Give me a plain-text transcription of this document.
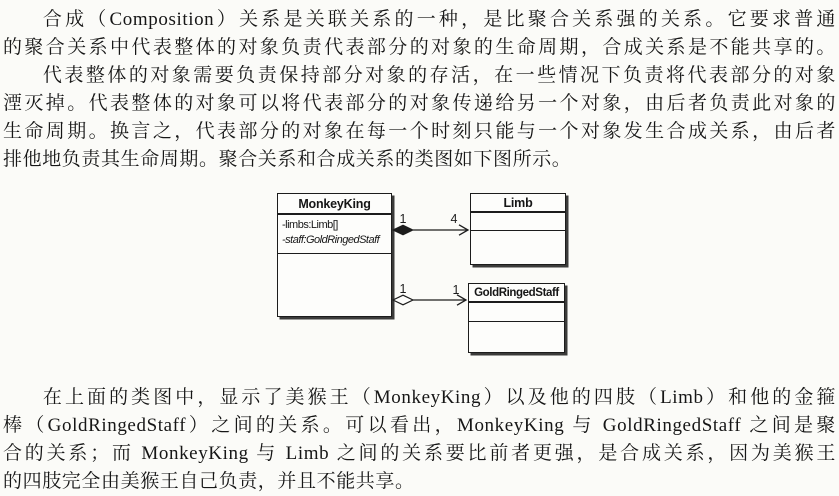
合成（Composition）关系是关联关系的一种，是比聚合关系强的关系。它要求普通
的聚合关系中代表整体的对象负责代表部分的对象的生命周期，合成关系是不能共享的。
代表整体的对象需要负责保持部分对象的存活，在一些情况下负责将代表部分的对象
湮灭掉。代表整体的对象可以将代表部分的对象传递给另一个对象，由后者负责此对象的
生命周期。换言之，代表部分的对象在每一个时刻只能与一个对象发生合成关系，由后者
排他地负责其生命周期。聚合关系和合成关系的类图如下图所示。
MonkeyKing
-limbs:Limb[]
-staff:GoldRingedStaff
Limb
GoldRingedStaff
1	4
1	1
在上面的类图中，显示了美猴王（MonkeyKing）以及他的四肢（Limb）和他的金箍
棒（GoldRingedStaff）之间的关系。可以看出，MonkeyKing 与 GoldRingedStaff 之间是聚
合的关系；而 MonkeyKing 与 Limb 之间的关系要比前者更强，是合成关系，因为美猴王
的四肢完全由美猴王自己负责，并且不能共享。
